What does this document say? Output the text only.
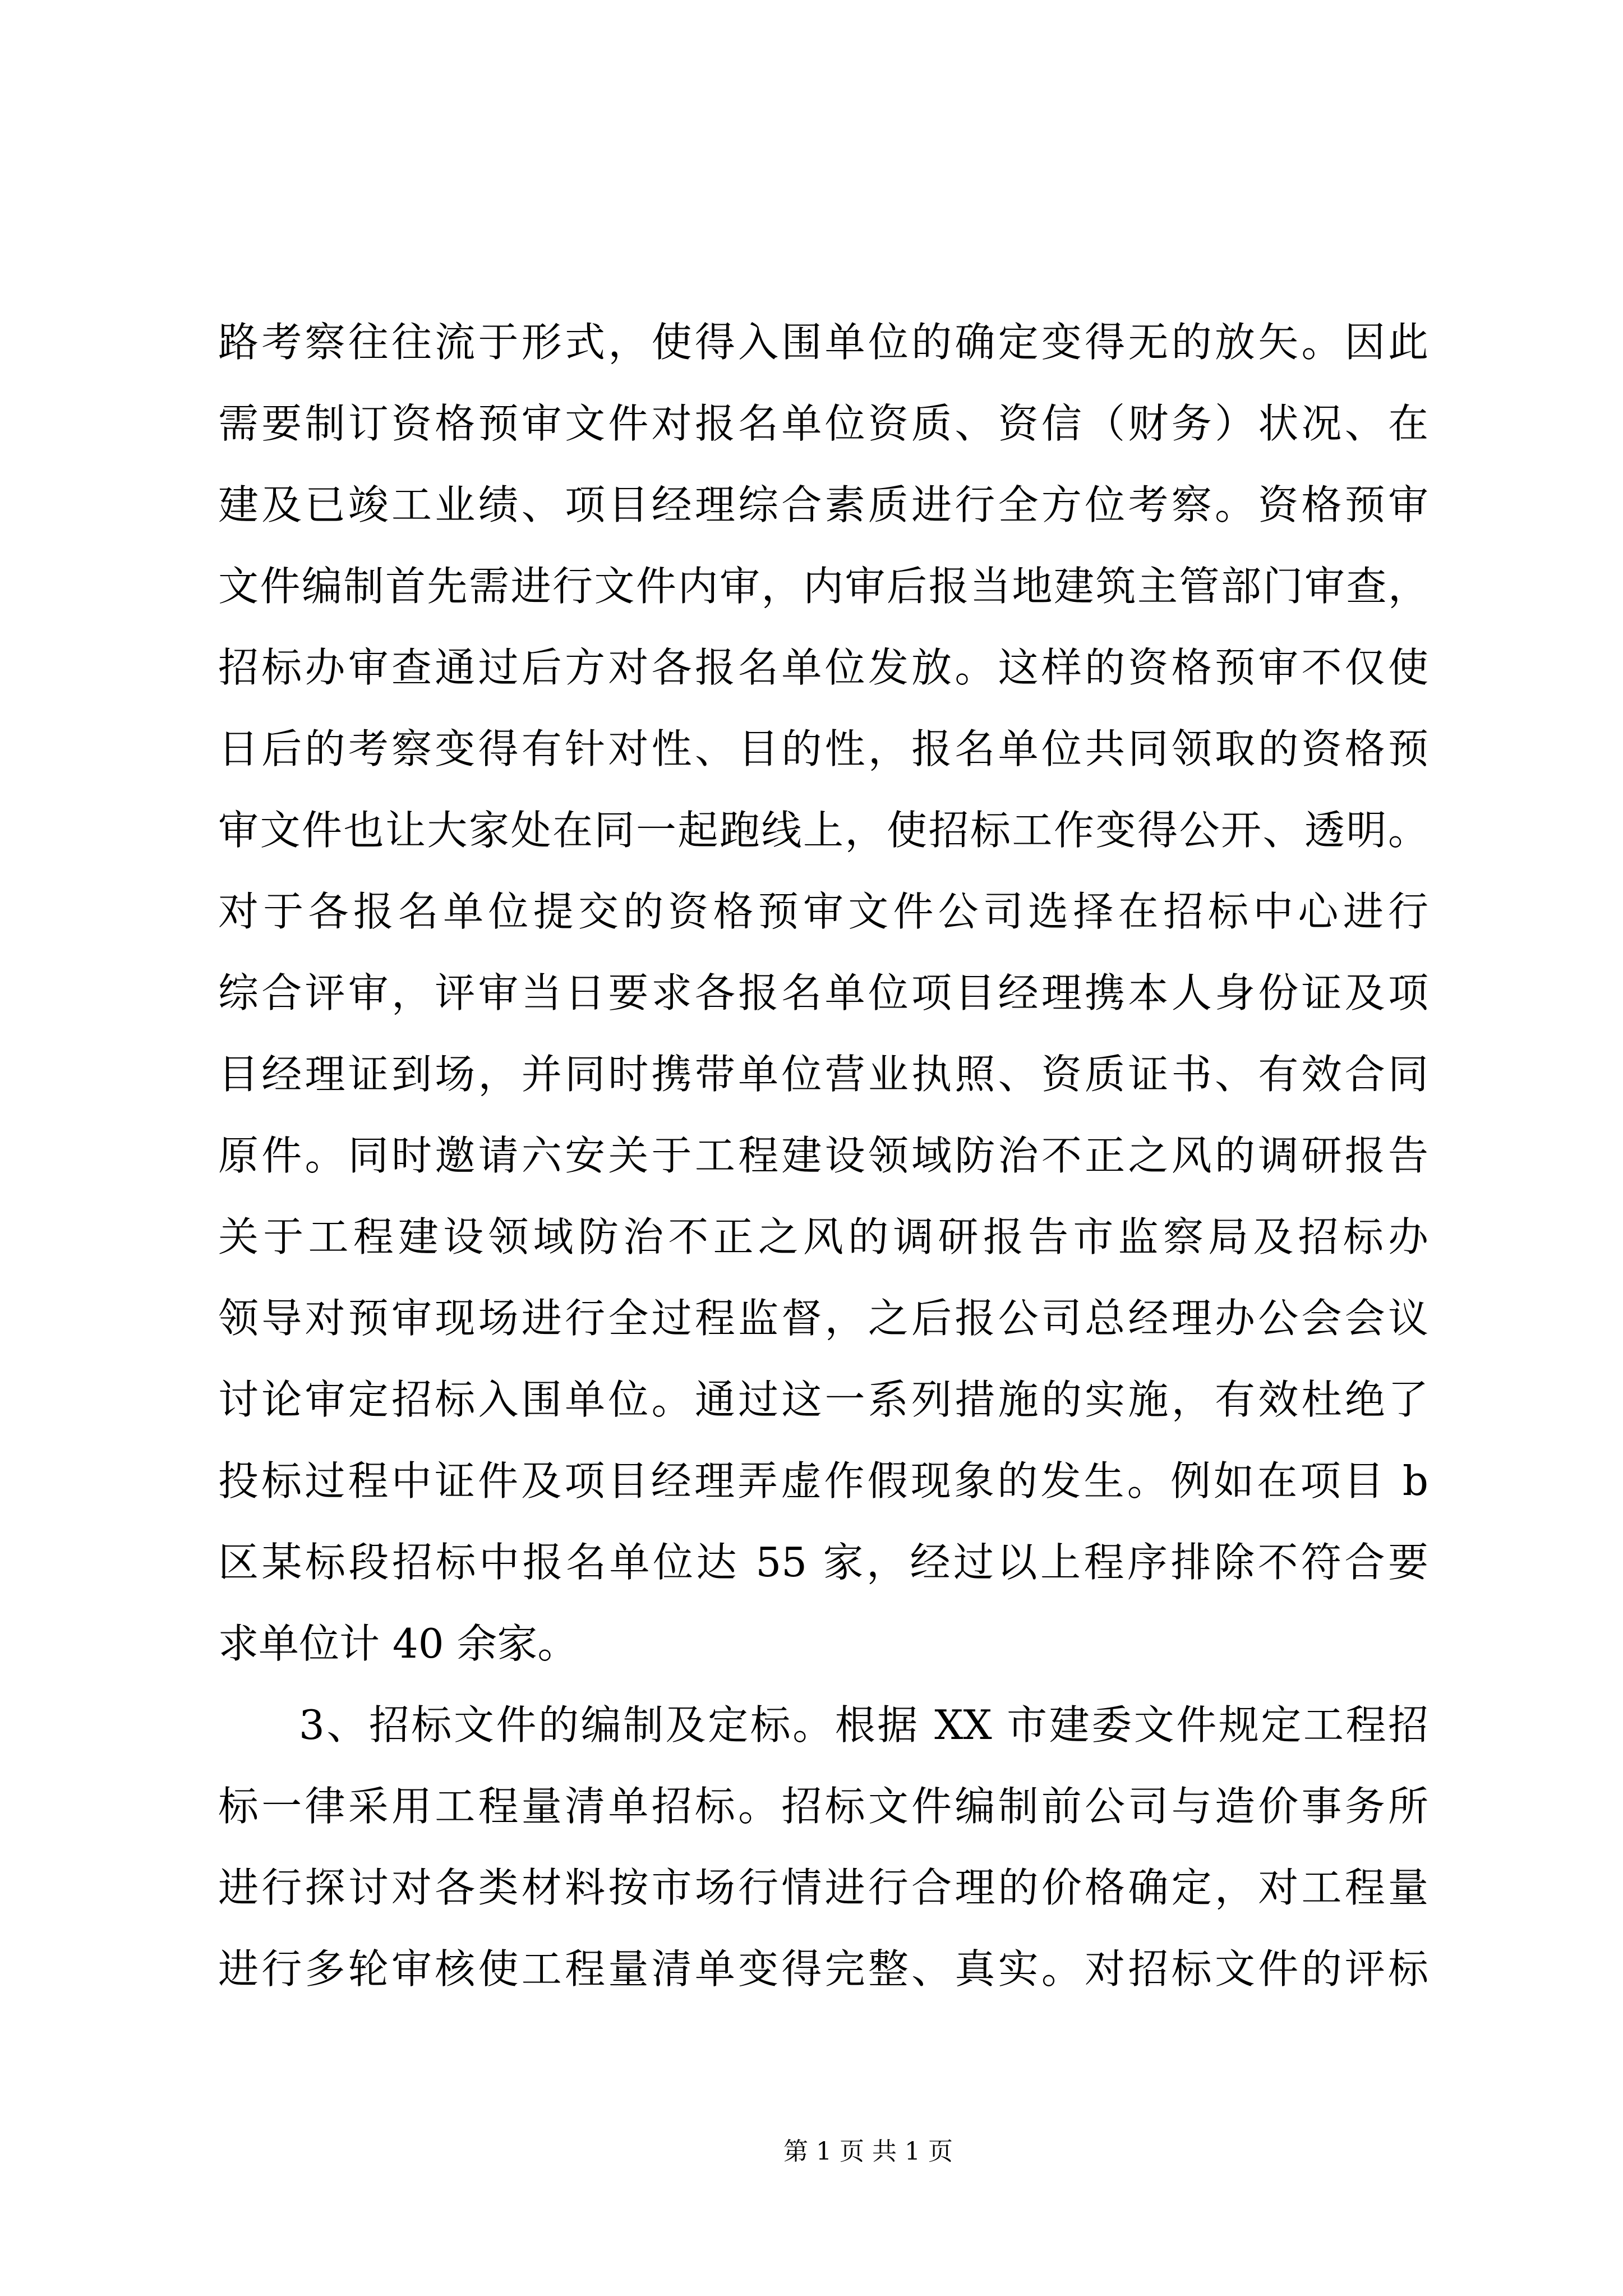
路考察往往流于形式，使得入围单位的确定变得无的放矢。因此
需要制订资格预审文件对报名单位资质、资信（财务）状况、在
建及已竣工业绩、项目经理综合素质进行全方位考察。资格预审
文件编制首先需进行文件内审，内审后报当地建筑主管部门审查，
招标办审查通过后方对各报名单位发放。这样的资格预审不仅使
日后的考察变得有针对性、目的性，报名单位共同领取的资格预
审文件也让大家处在同一起跑线上，使招标工作变得公开、透明。
对于各报名单位提交的资格预审文件公司选择在招标中心进行
综合评审，评审当日要求各报名单位项目经理携本人身份证及项
目经理证到场，并同时携带单位营业执照、资质证书、有效合同
原件。同时邀请六安关于工程建设领域防治不正之风的调研报告
关于工程建设领域防治不正之风的调研报告市监察局及招标办
领导对预审现场进行全过程监督，之后报公司总经理办公会会议
讨论审定招标入围单位。通过这一系列措施的实施，有效杜绝了
投标过程中证件及项目经理弄虚作假现象的发生。例如在项目 b
区某标段招标中报名单位达 55 家，经过以上程序排除不符合要
求单位计 40 余家。
3、招标文件的编制及定标。根据 XX 市建委文件规定工程招
标一律采用工程量清单招标。招标文件编制前公司与造价事务所
进行探讨对各类材料按市场行情进行合理的价格确定，对工程量
进行多轮审核使工程量清单变得完整、真实。对招标文件的评标

第 1 页 共 1 页
